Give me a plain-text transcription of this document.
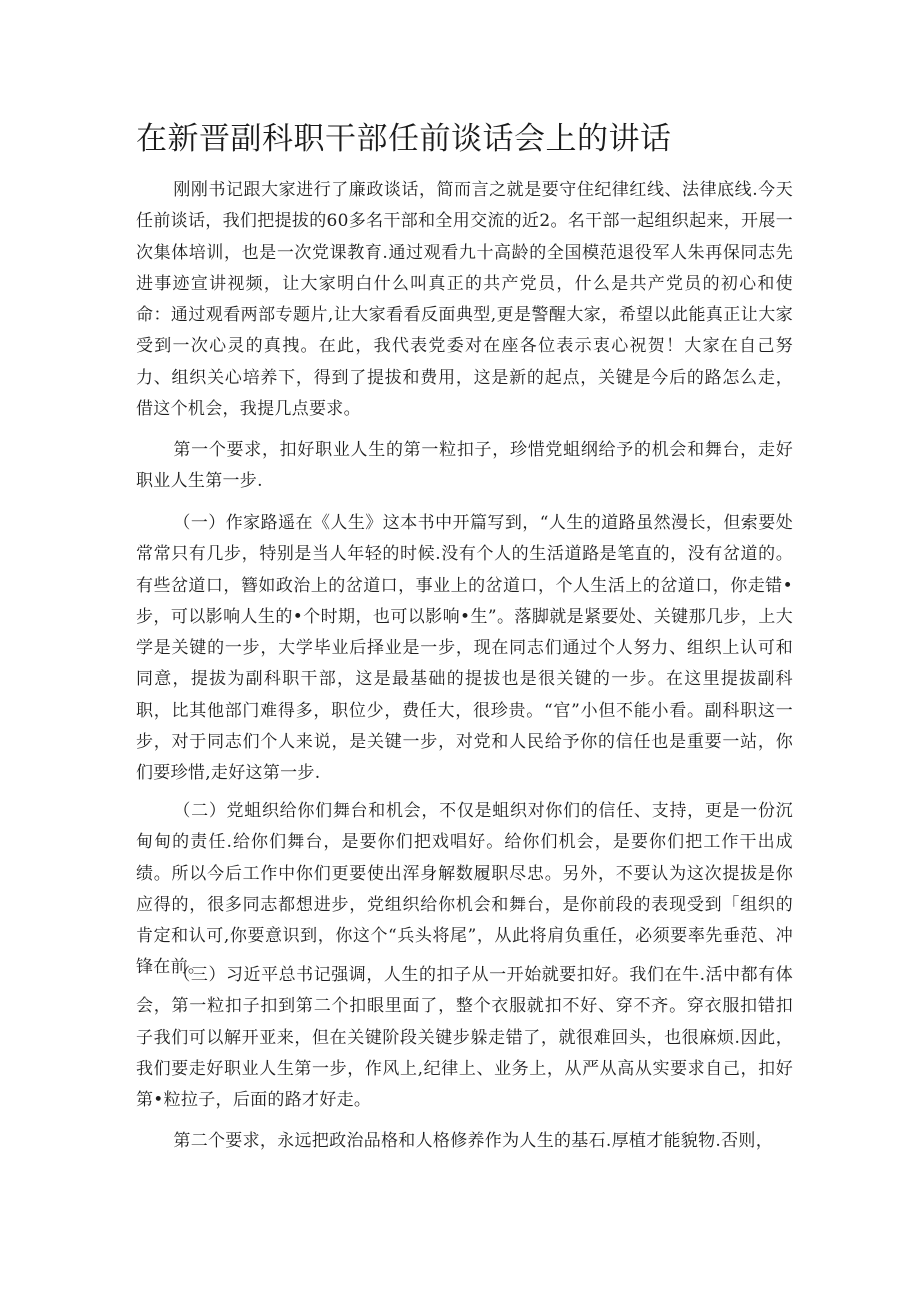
在新晋副科职干部任前谈话会上的讲话

刚刚书记跟大家进行了廉政谈话，简而言之就是要守住纪律红线、法律底线.今天任前谈话，我们把提拔的60多名干部和全用交流的近2。名干部一起组织起来，开展一次集体培训，也是一次党课教育.通过观看九十高龄的全国模范退役军人朱再保同志先进事迹宣讲视频，让大家明白什么叫真正的共产党员，什么是共产党员的初心和使命：通过观看两部专题片,让大家看看反面典型,更是警醒大家，希望以此能真正让大家受到一次心灵的真拽。在此，我代表党委对在座各位表示衷心祝贺！大家在自己努力、组织关心培养下，得到了提拔和费用，这是新的起点，关键是今后的路怎么走，借这个机会，我提几点要求。

第一个要求，扣好职业人生的第一粒扣子，珍惜党蛆纲给予的机会和舞台，走好职业人生第一步.

（一）作家路遥在《人生》这本书中开篇写到，“人生的道路虽然漫长，但索要处常常只有几步，特别是当人年轻的时候.没有个人的生活道路是笔直的，没有岔道的。有些岔道口，簪如政治上的岔道口，事业上的岔道口，个人生活上的岔道口，你走错•步，可以影响人生的•个时期，也可以影响•生”。落脚就是紧要处、关键那几步，上大学是关键的一步，大学毕业后择业是一步，现在同志们通过个人努力、组织上认可和同意，提拔为副科职干部，这是最基础的提拔也是很关键的一步。在这里提拔副科职，比其他部门难得多，职位少，费任大，很珍贵。“官”小但不能小看。副科职这一步，对于同志们个人来说，是关键一步，对党和人民给予你的信任也是重要一站，你们要珍惜,走好这第一步.

（二）党蛆织给你们舞台和机会，不仅是蛆织对你们的信任、支持，更是一份沉甸甸的责任.给你们舞台，是要你们把戏唱好。给你们机会，是要你们把工作干出成绩。所以今后工作中你们更要使出浑身解数履职尽忠。另外，不要认为这次提拔是你应得的，很多同志都想进步，党组织给你机会和舞台，是你前段的表现受到「组织的肯定和认可,你要意识到，你这个“兵头将尾”，从此将肩负重任，必须要率先垂范、冲锋在前。

（三）习近平总书记强调，人生的扣子从一开始就要扣好。我们在牛.活中都有体会，第一粒扣子扣到第二个扣眼里面了，整个衣服就扣不好、穿不齐。穿衣服扣错扣子我们可以解开亚来，但在关键阶段关键步躲走错了，就很难回头，也很麻烦.因此，我们要走好职业人生第一步，作风上,纪律上、业务上，从严从高从实要求自己，扣好第•粒拉子，后面的路才好走。

第二个要求，永远把政治品格和人格修养作为人生的基石.厚植才能貌物.否则，
